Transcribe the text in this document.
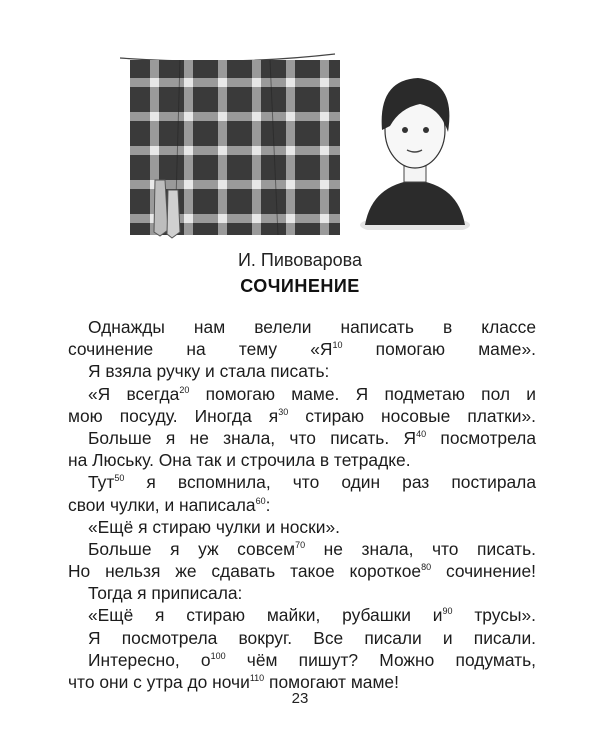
И. Пивоварова
СОЧИНЕНИЕ
Однажды нам велели написать в классе
сочинение на тему «$Я^{10}$ помогаю маме».
Я взяла ручку и стала писать:
«Я всегда$^{20}$ помогаю маме. Я подметаю пол и
мою посуду. Иногда $я^{30}$ стираю носовые платки».
Больше я не знала, что писать. $Я^{40}$ посмотрела
на Люську. Она так и строчила в тетрадке.
Тут$^{50}$ я вспомнила, что один раз постирала
свои чулки, и написала$^{60}$:
«Ещё я стираю чулки и носки».
Больше я уж совсем$^{70}$ не знала, что писать.
Но нельзя же сдавать такое короткое$^{80}$ сочинение!
Тогда я приписала:
«Ещё я стираю майки, рубашки $и^{90}$ трусы».
Я посмотрела вокруг. Все писали и писали.
Интересно, $о^{100}$ чём пишут? Можно подумать,
что они с утра до ночи$^{110}$ помогают маме!
23
